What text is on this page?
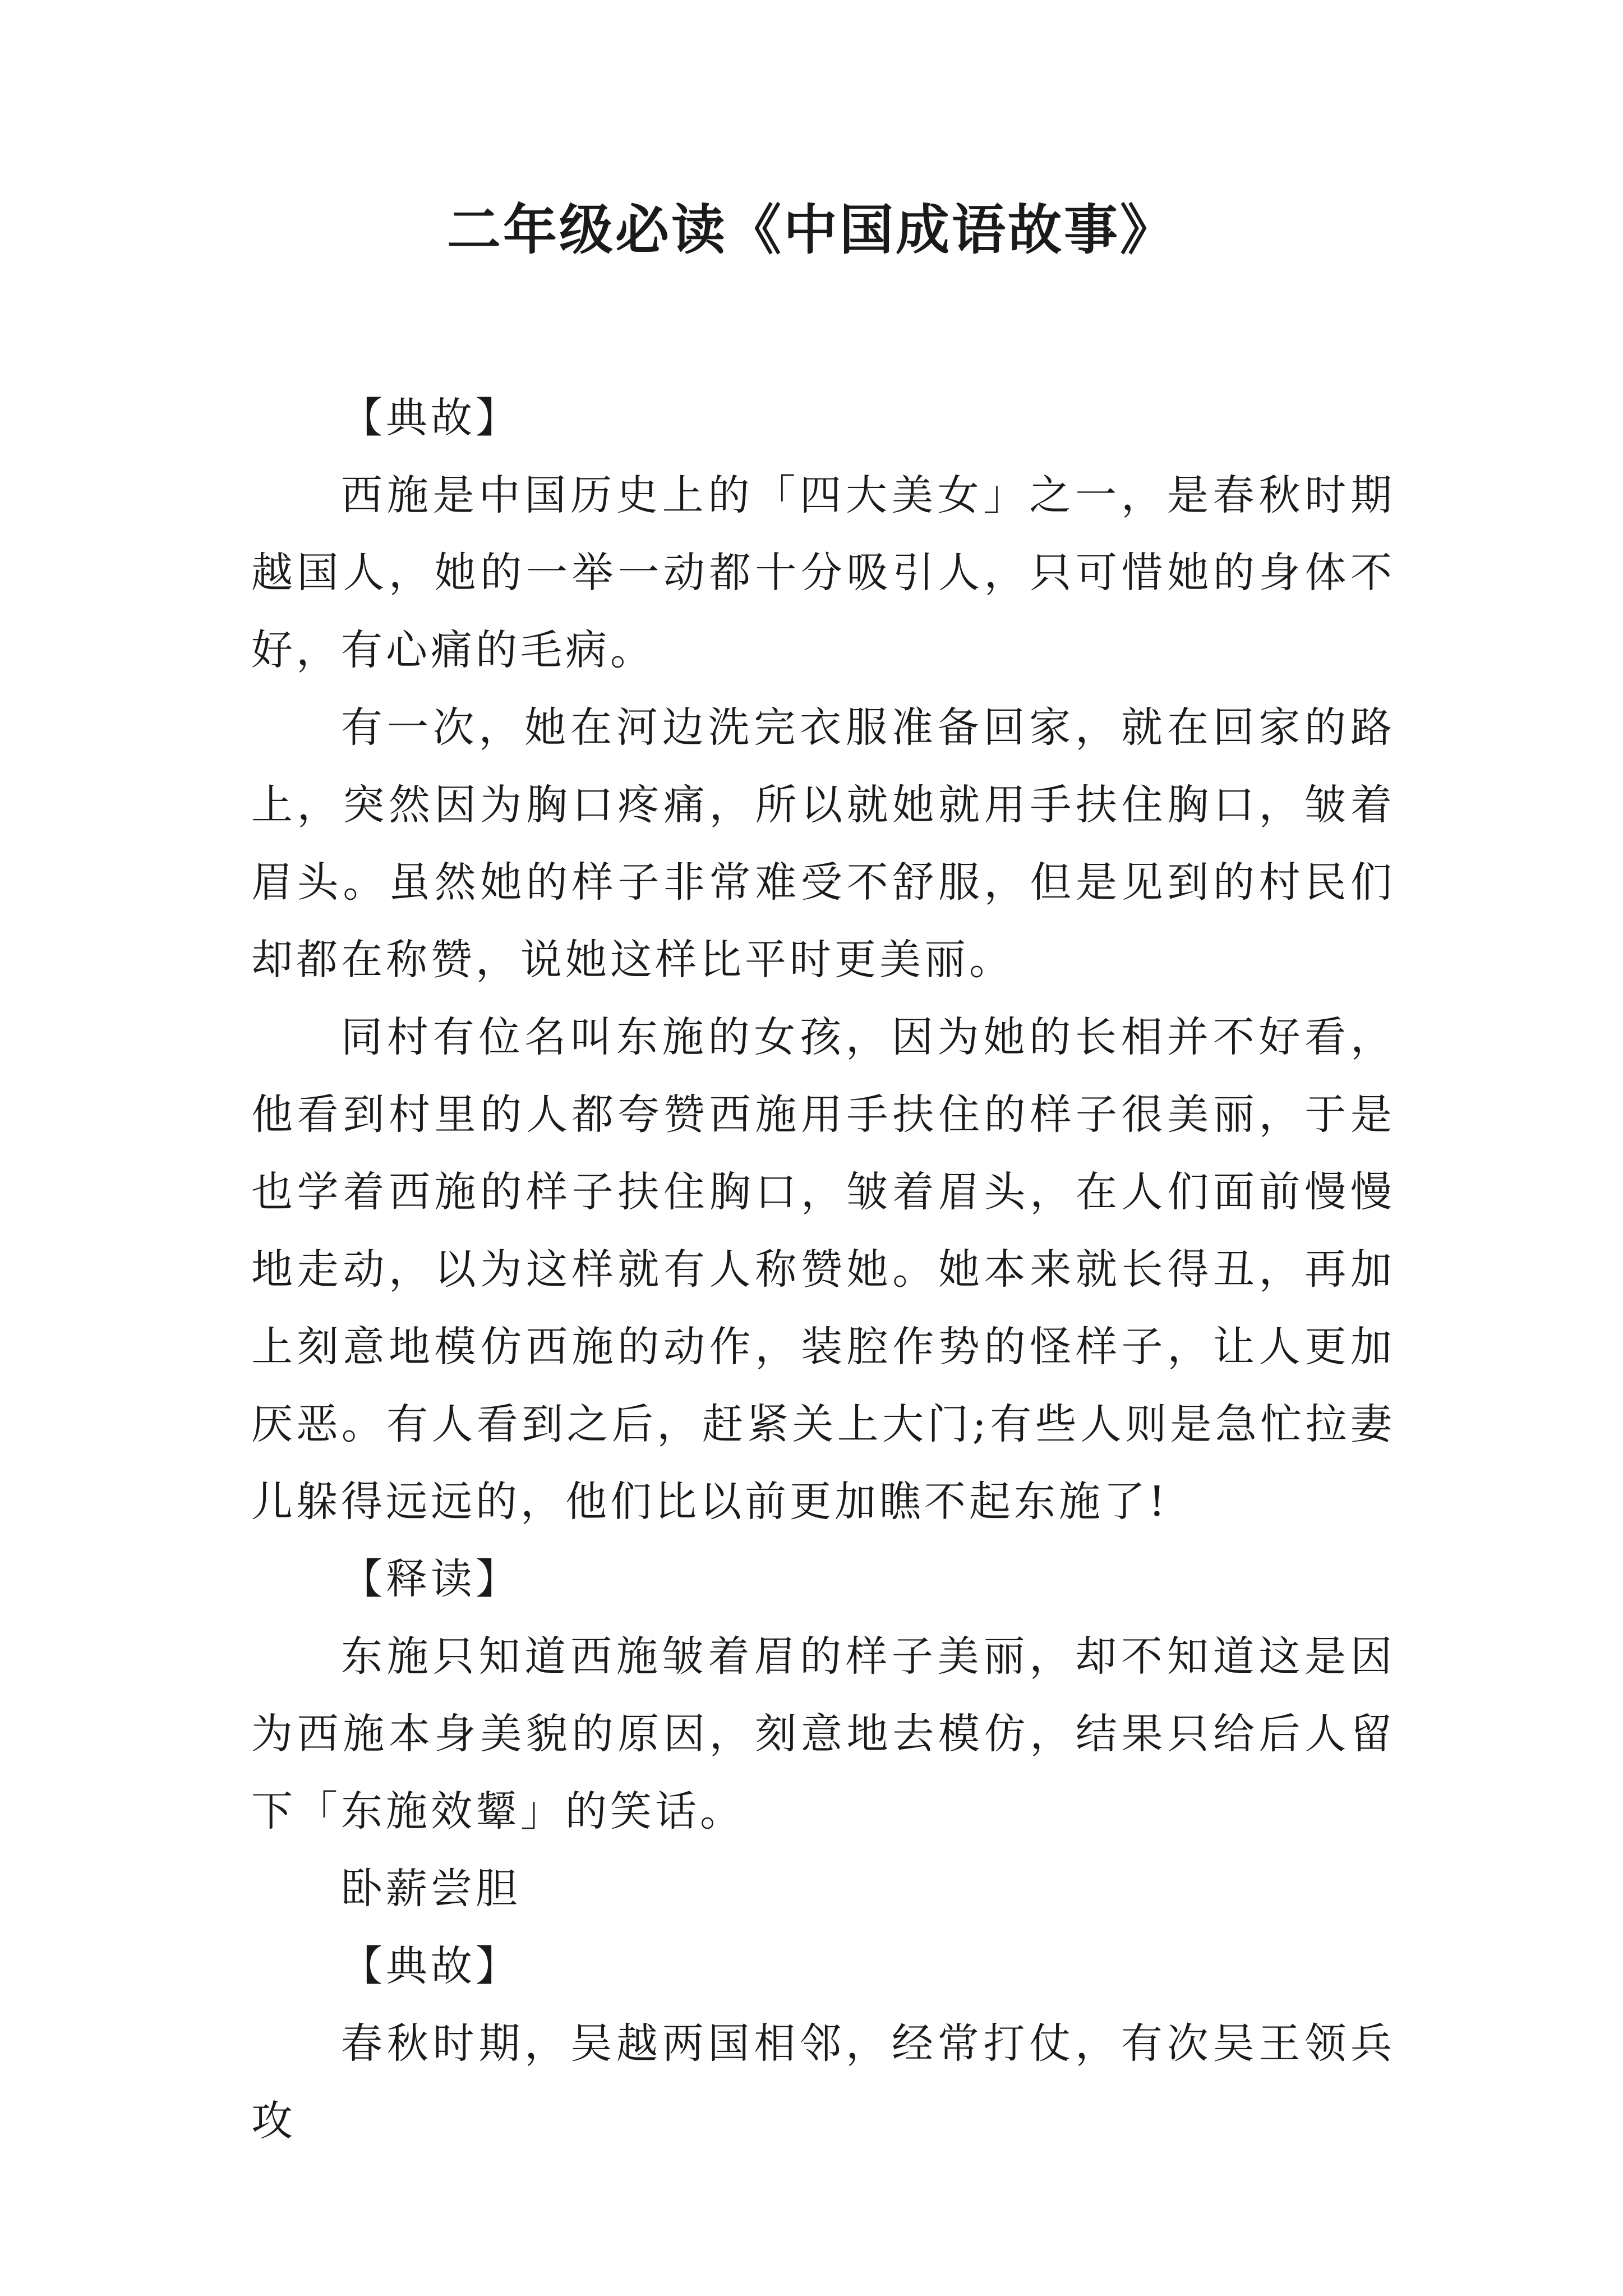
二年级必读《中国成语故事》

【典故】

西施是中国历史上的「四大美女」之一，是春秋时期越国人，她的一举一动都十分吸引人，只可惜她的身体不好，有心痛的毛病。

有一次，她在河边洗完衣服准备回家，就在回家的路上，突然因为胸口疼痛，所以就她就用手扶住胸口，皱着眉头。虽然她的样子非常难受不舒服，但是见到的村民们却都在称赞，说她这样比平时更美丽。

同村有位名叫东施的女孩，因为她的长相并不好看，他看到村里的人都夸赞西施用手扶住的样子很美丽，于是也学着西施的样子扶住胸口，皱着眉头，在人们面前慢慢地走动，以为这样就有人称赞她。她本来就长得丑，再加上刻意地模仿西施的动作，装腔作势的怪样子，让人更加厌恶。有人看到之后，赶紧关上大门;有些人则是急忙拉妻儿躲得远远的，他们比以前更加瞧不起东施了!

【释读】

东施只知道西施皱着眉的样子美丽，却不知道这是因为西施本身美貌的原因，刻意地去模仿，结果只给后人留下「东施效颦」的笑话。

卧薪尝胆

【典故】

春秋时期，吴越两国相邻，经常打仗，有次吴王领兵攻
